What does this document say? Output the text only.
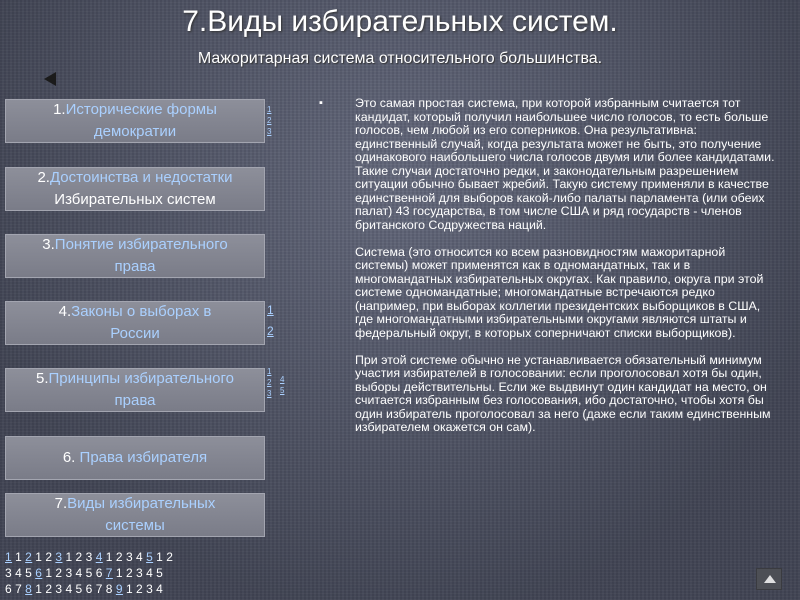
7.Виды избирательных систем.
Мажоритарная система относительного большинства.
1.Исторические формы
демократии
1
2
3
2.Достоинства и недостатки
Избирательных систем
3.Понятие избирательного
права
4.Законы о выборах в
России
1
2
5.Принципы избирательного
права
1
2
3
4
5
6. Права избирателя
7.Виды избирательных
системы
▪	Это самая простая система, при которой избранным считается тот кандидат, который получил наибольшее число голосов, то есть больше голосов, чем любой из его соперников. Она результативна: единственный случай, когда результата может не быть, это получение одинакового наибольшего числа голосов двумя или более кандидатами. Такие случаи достаточно редки, и законодательным разрешением ситуации обычно бывает жребий. Такую систему применяли в качестве единственной для выборов какой-либо палаты парламента (или обеих палат) 43 государства, в том числе США и ряд государств - членов британского Содружества наций.

Система (это относится ко всем разновидностям мажоритарной системы) может применятся как в одномандатных, так и в многомандатных избирательных округах. Как правило, округа при этой системе одномандатные; многомандатные встречаются редко (например, при выборах коллегии президентских выборщиков в США, где многомандатными избирательными округами являются штаты и федеральный округ, в которых соперничают списки выборщиков).

При этой системе обычно не устанавливается обязательный минимум участия избирателей в голосовании: если проголосовал хотя бы один, выборы действительны. Если же выдвинут один кандидат на место, он считается избранным без голосования, ибо достаточно, чтобы хотя бы один избиратель проголосовал за него (даже если таким единственным избирателем окажется он сам).

1 1 2 1 2 3 1 2 3 4 1 2 3 4 5 1 2
3 4 5 6 1 2 3 4 5 6 7 1 2 3 4 5
6 7 8 1 2 3 4 5 6 7 8 9 1 2 3 4
